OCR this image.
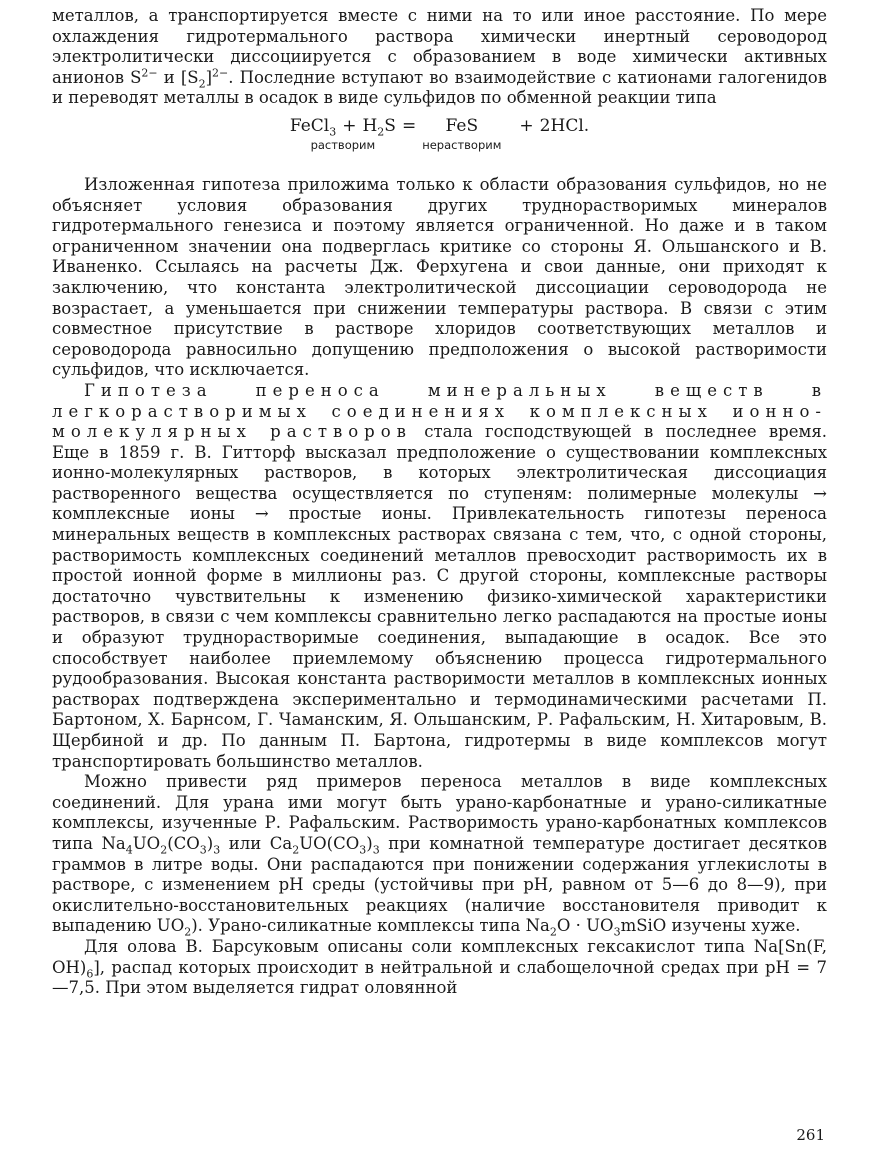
металлов, а транспортируется вместе с ними на то или иное расстояние. По мере охлаждения гидротермального раствора химически инертный сероводород электролитически диссоциируется с образованием в воде химически активных анионов $S^{2-}$ и $[S_2]^{2-}$. Последние вступают во взаимодействие с катионами галогенидов и переводят металлы в осадок в виде сульфидов по обменной реакции типа

FeCl$_3$ + $H_2S$
растворим
=	FeS
нерастворим
+ 2HCl.

Изложенная гипотеза приложима только к области образования сульфидов, но не объясняет условия образования других труднорастворимых минералов гидротермального генезиса и поэтому является ограниченной. Но даже и в таком ограниченном значении она подверглась критике со стороны Я. Ольшанского и В. Иваненко. Ссылаясь на расчеты Дж. Ферхугена и свои данные, они приходят к заключению, что константа электролитической диссоциации сероводорода не возрастает, а уменьшается при снижении температуры раствора. В связи с этим совместное присутствие в растворе хлоридов соответствующих металлов и сероводорода равносильно допущению предположения о высокой растворимости сульфидов, что исключается.

Гипотеза переноса минеральных веществ в легкорастворимых соединениях комплексных ионно-молекулярных растворов стала господствующей в последнее время. Еще в 1859 г. В. Гитторф высказал предположение о существовании комплексных ионно-молекулярных растворов, в которых электролитическая диссоциация растворенного вещества осуществляется по ступеням: полимерные молекулы → комплексные ионы → простые ионы. Привлекательность гипотезы переноса минеральных веществ в комплексных растворах связана с тем, что, с одной стороны, растворимость комплексных соединений металлов превосходит растворимость их в простой ионной форме в миллионы раз. С другой стороны, комплексные растворы достаточно чувствительны к изменению физико-химической характеристики растворов, в связи с чем комплексы сравнительно легко распадаются на простые ионы и образуют труднорастворимые соединения, выпадающие в осадок. Все это способствует наиболее приемлемому объяснению процесса гидротермального рудообразования. Высокая константа растворимости металлов в комплексных ионных растворах подтверждена экспериментально и термодинамическими расчетами П. Бартоном, X. Барнсом, Г. Чаманским, Я. Ольшанским, Р. Рафальским, Н. Хитаровым, В. Щербиной и др. По данным П. Бартона, гидротермы в виде комплексов могут транспортировать большинство металлов.

Можно привести ряд примеров переноса металлов в виде комплексных соединений. Для урана ими могут быть урано-карбонатные и урано-силикатные комплексы, изученные Р. Рафальским. Растворимость урано-карбонатных комплексов типа $Na_4UO_2(CO_3)_3$ или $Ca_2UO(CO_3)_3$ при комнатной температуре достигает десятков граммов в литре воды. Они распадаются при понижении содержания углекислоты в растворе, с изменением pH среды (устойчивы при pH, равном от 5—6 до 8—9), при окислительно-восстановительных реакциях (наличие восстановителя приводит к выпадению $UO_2$). Урано-силикатные комплексы типа $Na_2O$ · $UO_3mSiO$ изучены хуже.

Для олова В. Барсуковым описаны соли комплексных гексакислот типа Na[Sn(F, $OH)_6$], распад которых происходит в нейтральной и слабощелочной средах при pH = 7—7,5. При этом выделяется гидрат оловянной

261
